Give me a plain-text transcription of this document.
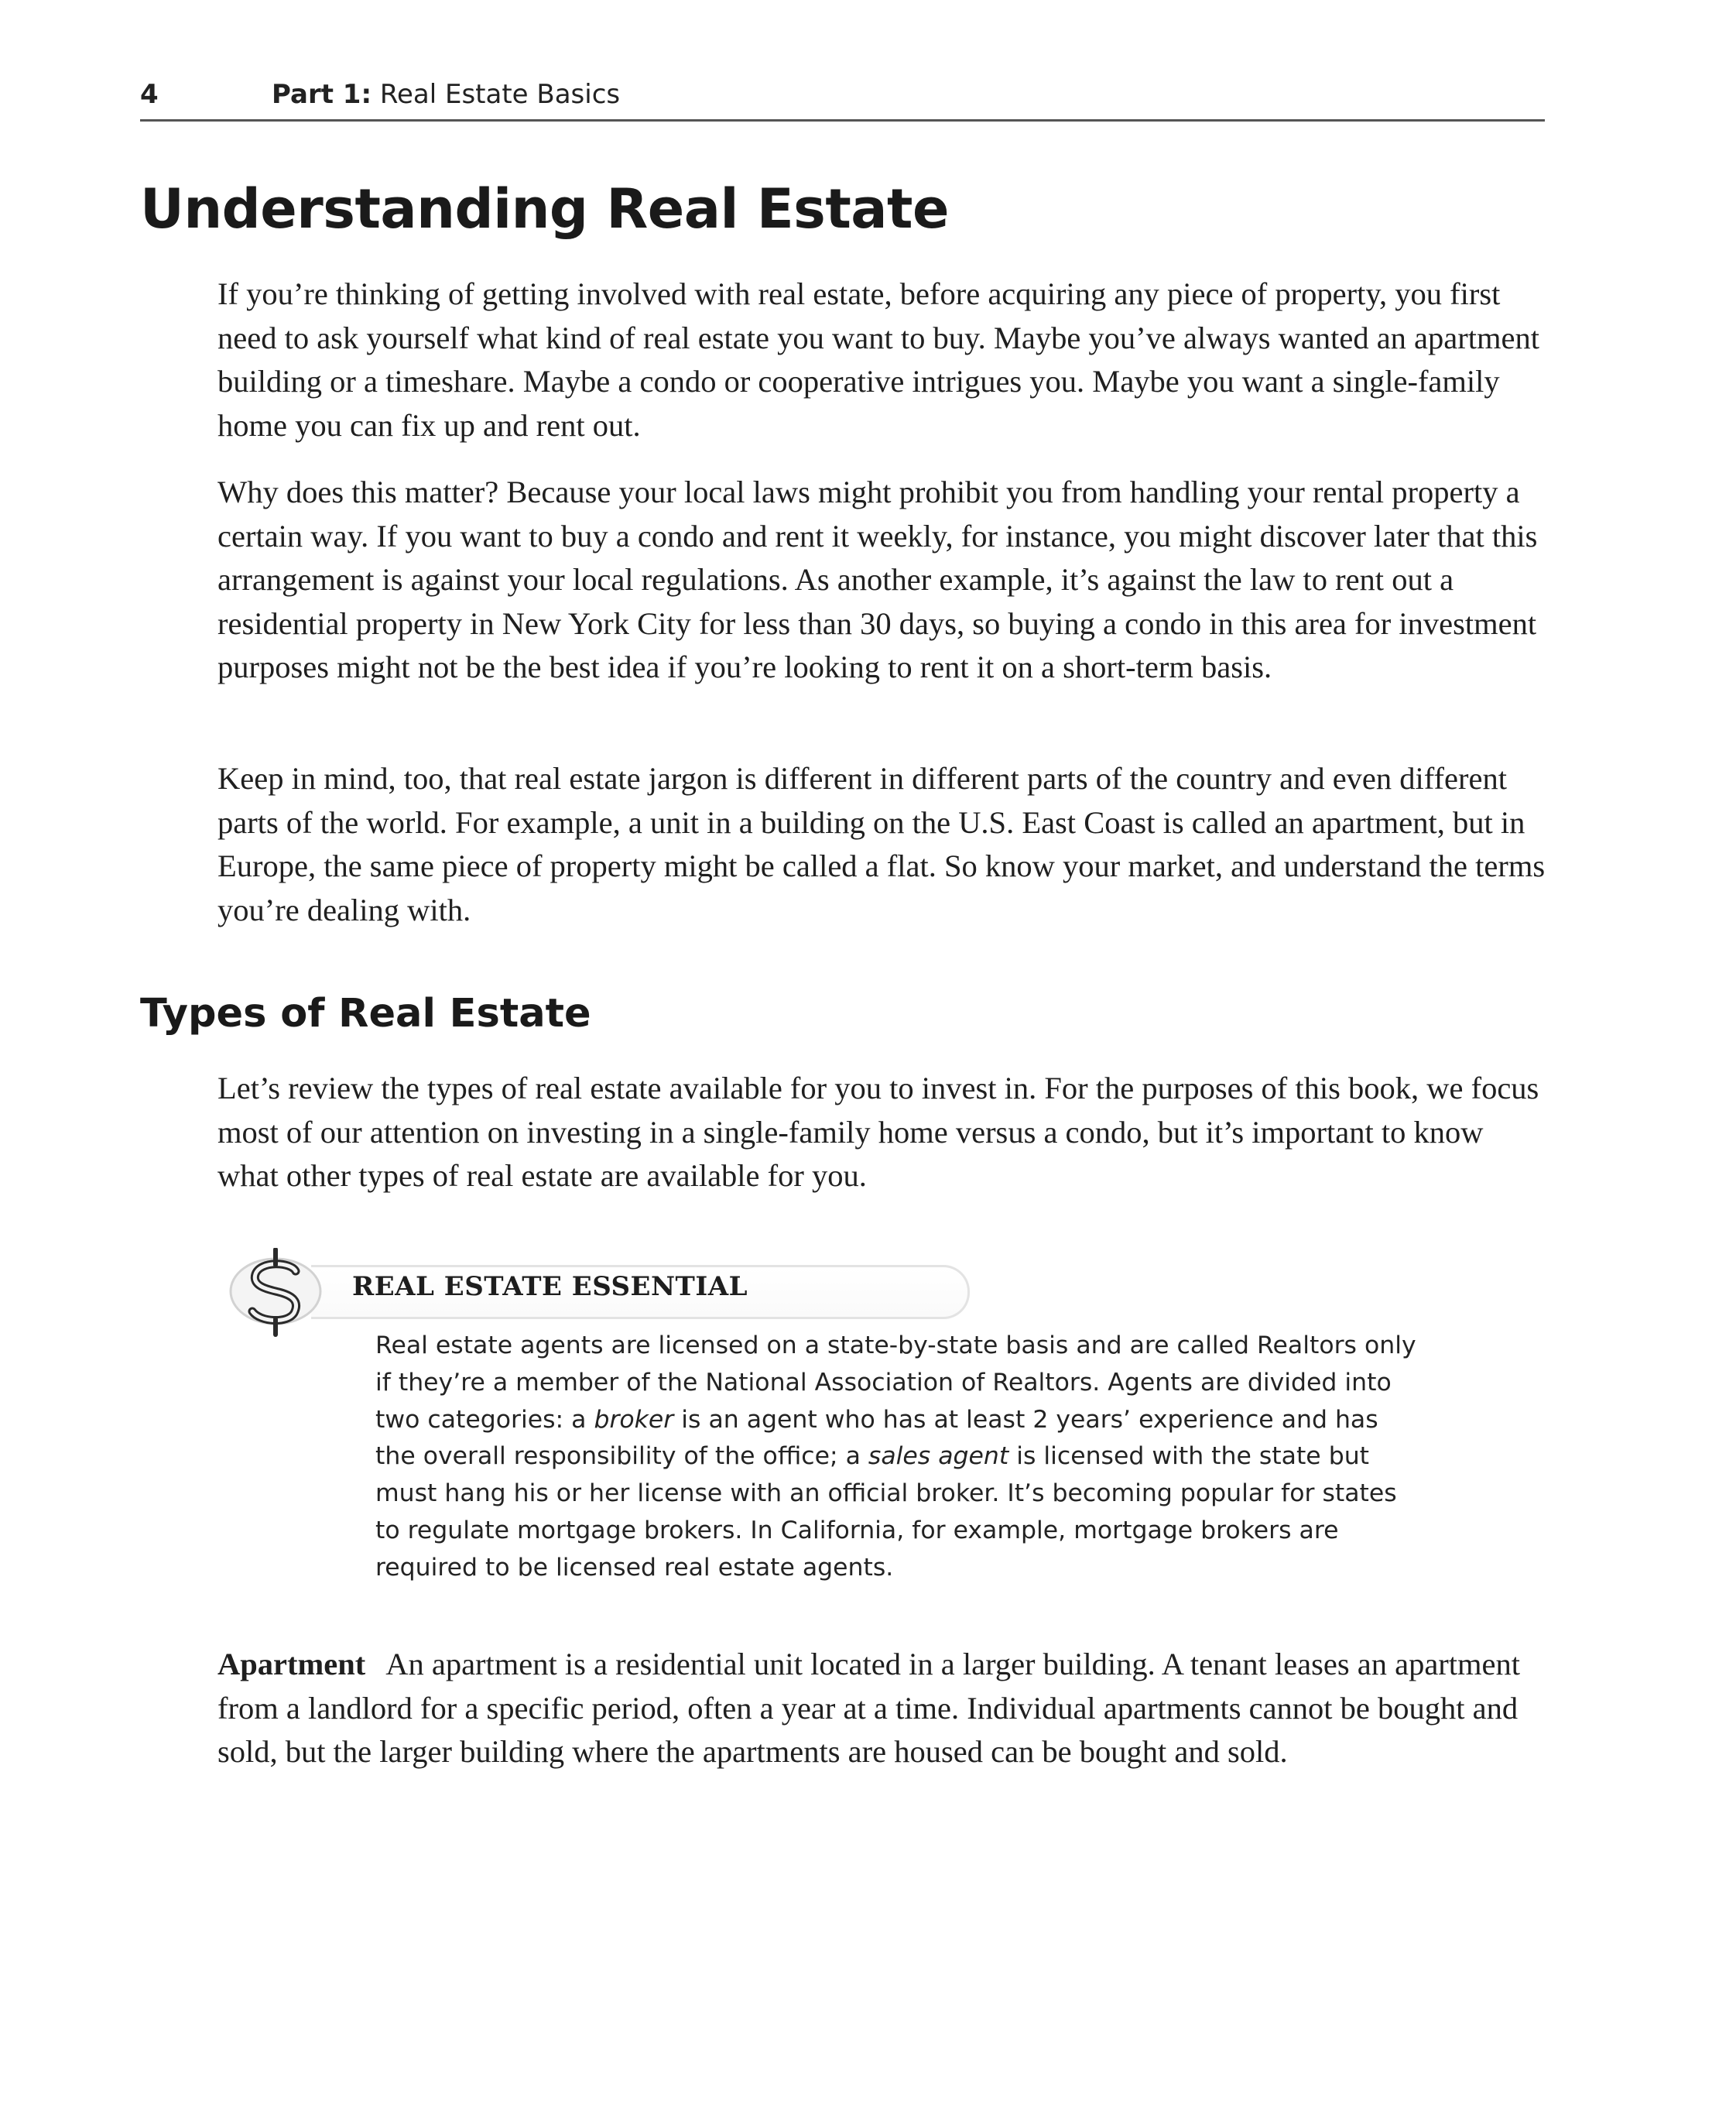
4	Part 1: Real Estate Basics
Understanding Real Estate

If you’re thinking of getting involved with real estate, before acquiring any piece of property, you first need to ask yourself what kind of real estate you want to buy. Maybe you’ve always wanted an apartment building or a timeshare. Maybe a condo or cooperative intrigues you. Maybe you want a single-family home you can fix up and rent out.

Why does this matter? Because your local laws might prohibit you from handling your rental property a certain way. If you want to buy a condo and rent it weekly, for instance, you might discover later that this arrangement is against your local regulations. As another example, it’s against the law to rent out a residential property in New York City for less than 30 days, so buying a condo in this area for investment purposes might not be the best idea if you’re looking to rent it on a short-term basis.

Keep in mind, too, that real estate jargon is different in different parts of the country and even different parts of the world. For example, a unit in a building on the U.S. East Coast is called an apartment, but in Europe, the same piece of property might be called a flat. So know your market, and understand the terms you’re dealing with.

Types of Real Estate

Let’s review the types of real estate available for you to invest in. For the purposes of this book, we focus most of our attention on investing in a single-family home versus a condo, but it’s important to know what other types of real estate are available for you.

REAL ESTATE ESSENTIAL

Real estate agents are licensed on a state-by-state basis and are called Realtors only if they’re a member of the National Association of Realtors. Agents are divided into two categories: a broker is an agent who has at least 2 years’ experience and has the overall responsibility of the office; a sales agent is licensed with the state but must hang his or her license with an official broker. It’s becoming popular for states to regulate mortgage brokers. In California, for example, mortgage brokers are required to be licensed real estate agents.

Apartment An apartment is a residential unit located in a larger building. A tenant leases an apartment from a landlord for a specific period, often a year at a time. Individual apartments cannot be bought and sold, but the larger building where the apartments are housed can be bought and sold.
